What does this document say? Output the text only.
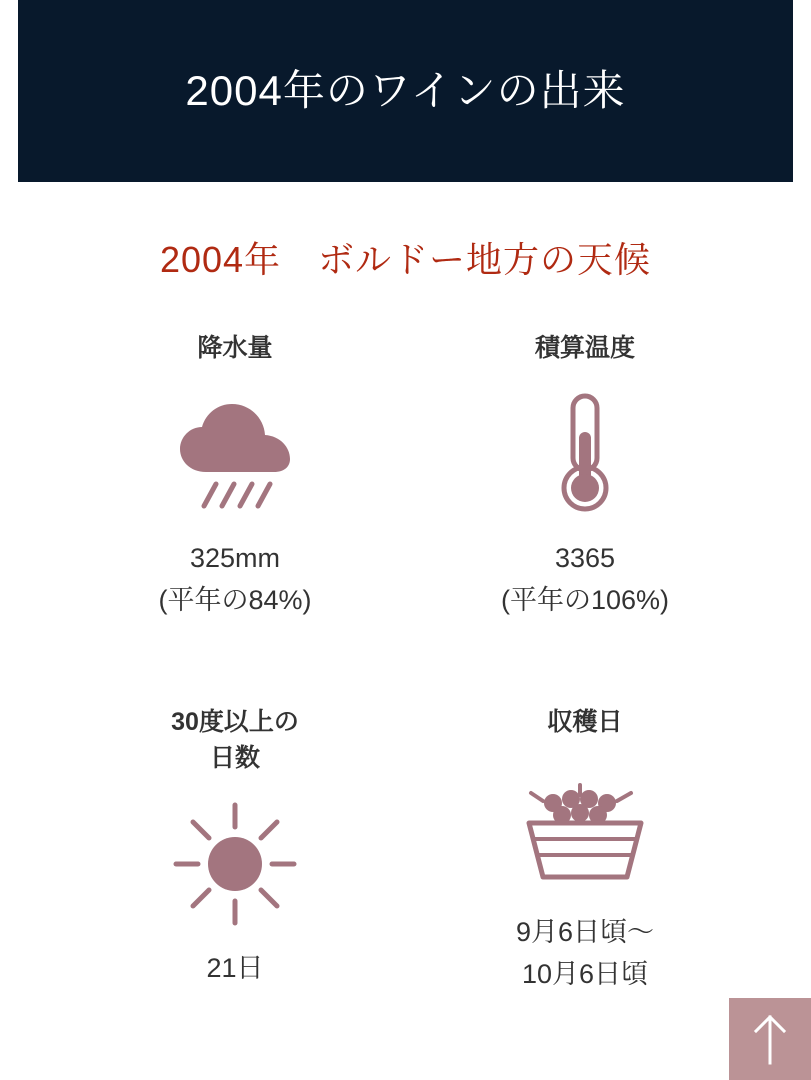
2004年のワインの出来
2004年　ボルドー地方の天候
降水量
325mm
(平年の84%)
積算温度
3365
(平年の106%)
30度以上の
日数
21日
収穫日
9月6日頃〜
10月6日頃
